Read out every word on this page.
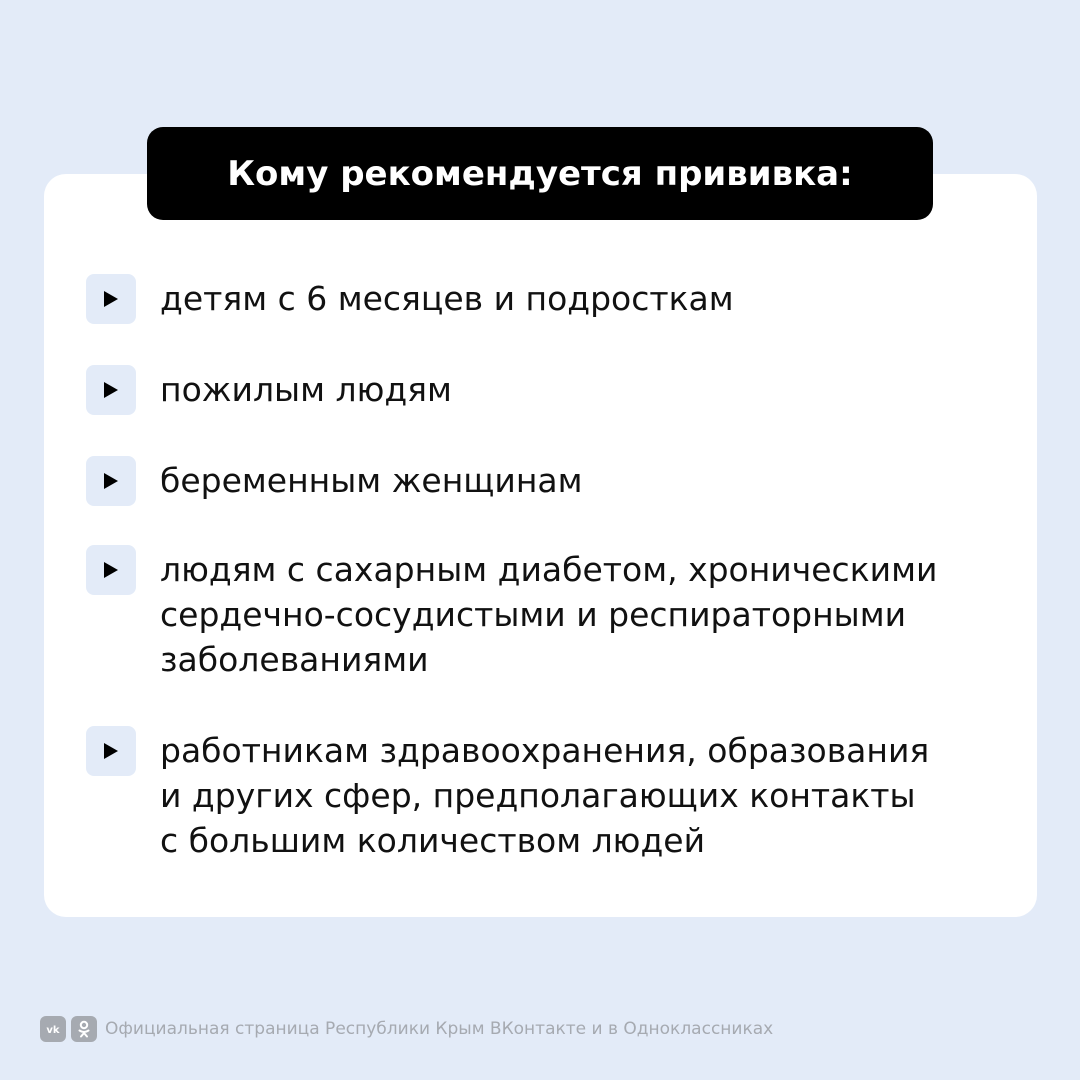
Кому рекомендуется прививка:
детям с 6 месяцев и подросткам
пожилым людям
беременным женщинам
людям с сахарным диабетом, хроническими
сердечно-сосудистыми и респираторными
заболеваниями
работникам здравоохранения, образования
и других сфер, предполагающих контакты
с большим количеством людей
vk	Официальная страница Республики Крым ВКонтакте и в Одноклассниках
